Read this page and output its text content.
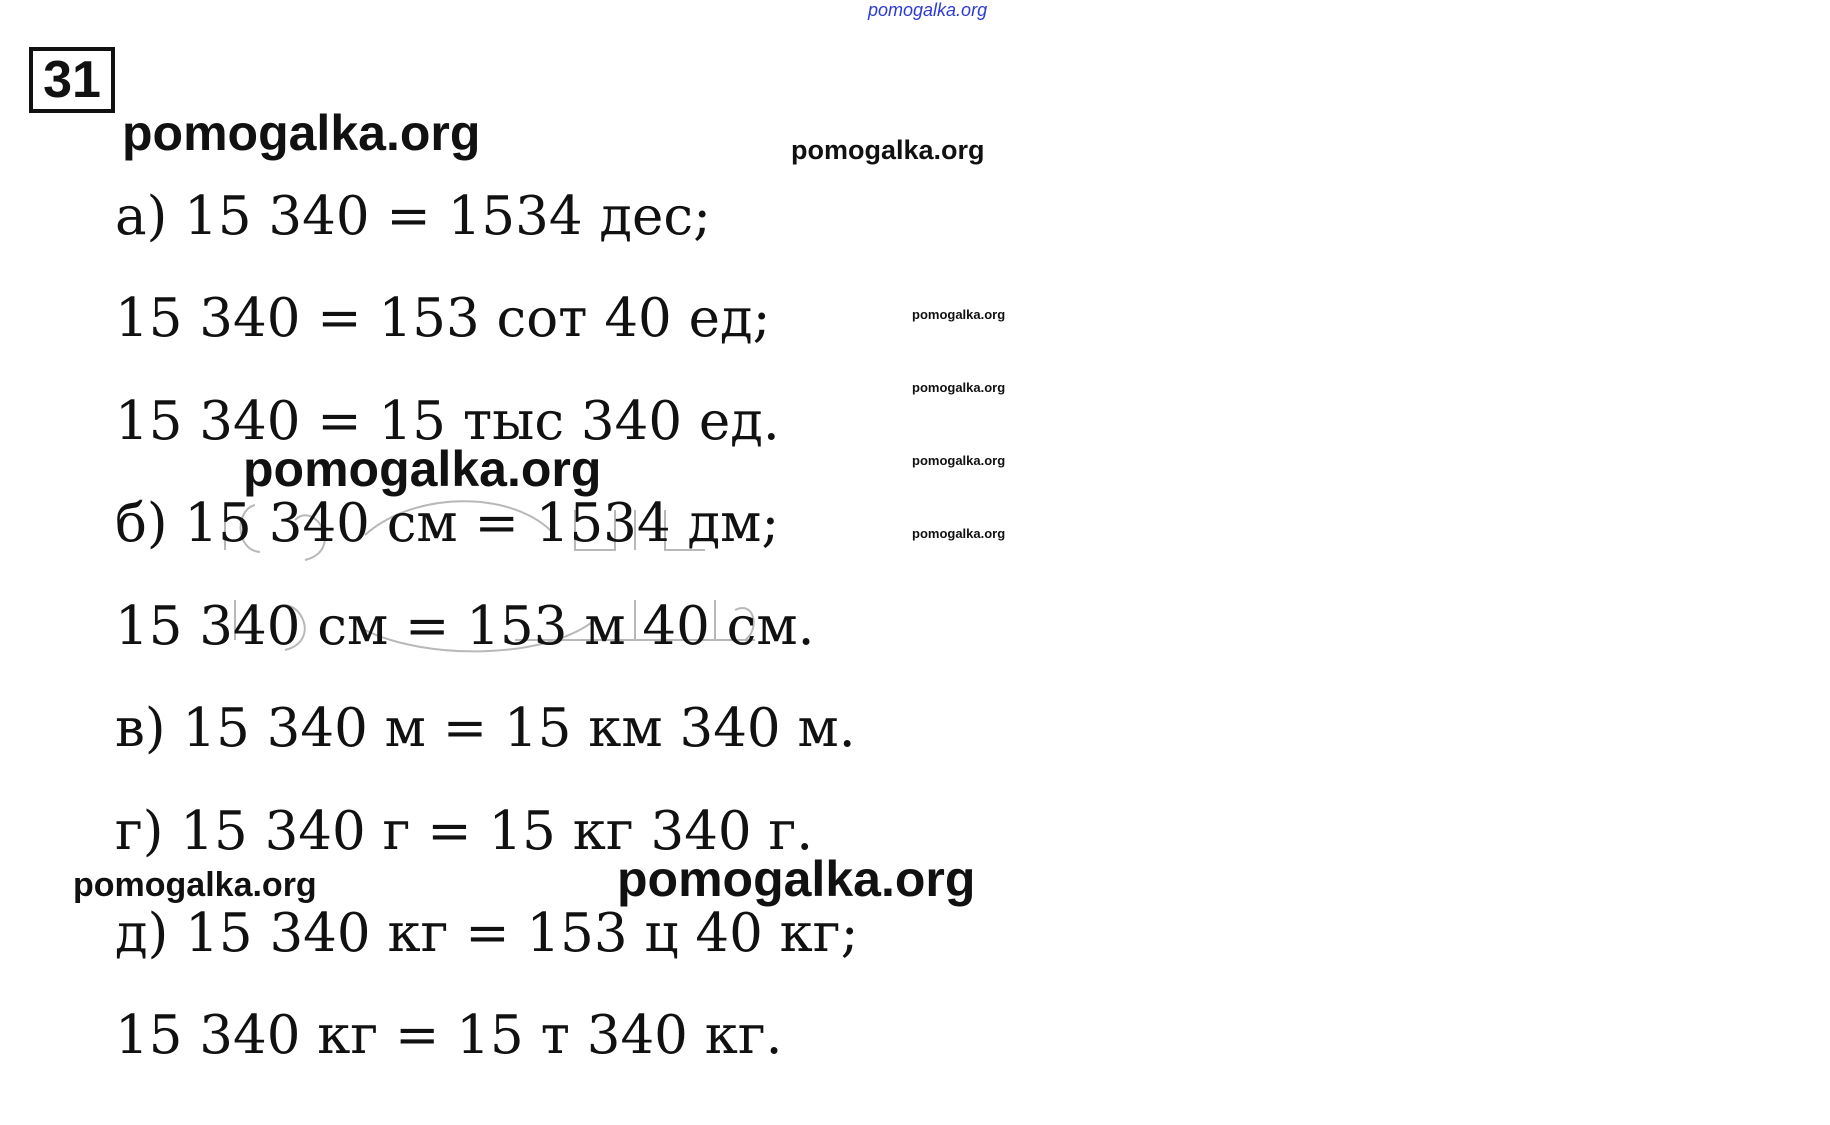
31
pomogalka.org
pomogalka.org	pomogalka.org
pomogalka.org
pomogalka.org
pomogalka.org
pomogalka.org
pomogalka.org
pomogalka.org	pomogalka.org
а) 15 340 = 1534 дес;
15 340 = 153 сот 40 ед;
15 340 = 15 тыс 340 ед.
б) 15 340 см = 1534 дм;
15 340 см = 153 м 40 см.
в) 15 340 м = 15 км 340 м.
г) 15 340 г = 15 кг 340 г.
д) 15 340 кг = 153 ц 40 кг;
15 340 кг = 15 т 340 кг.
